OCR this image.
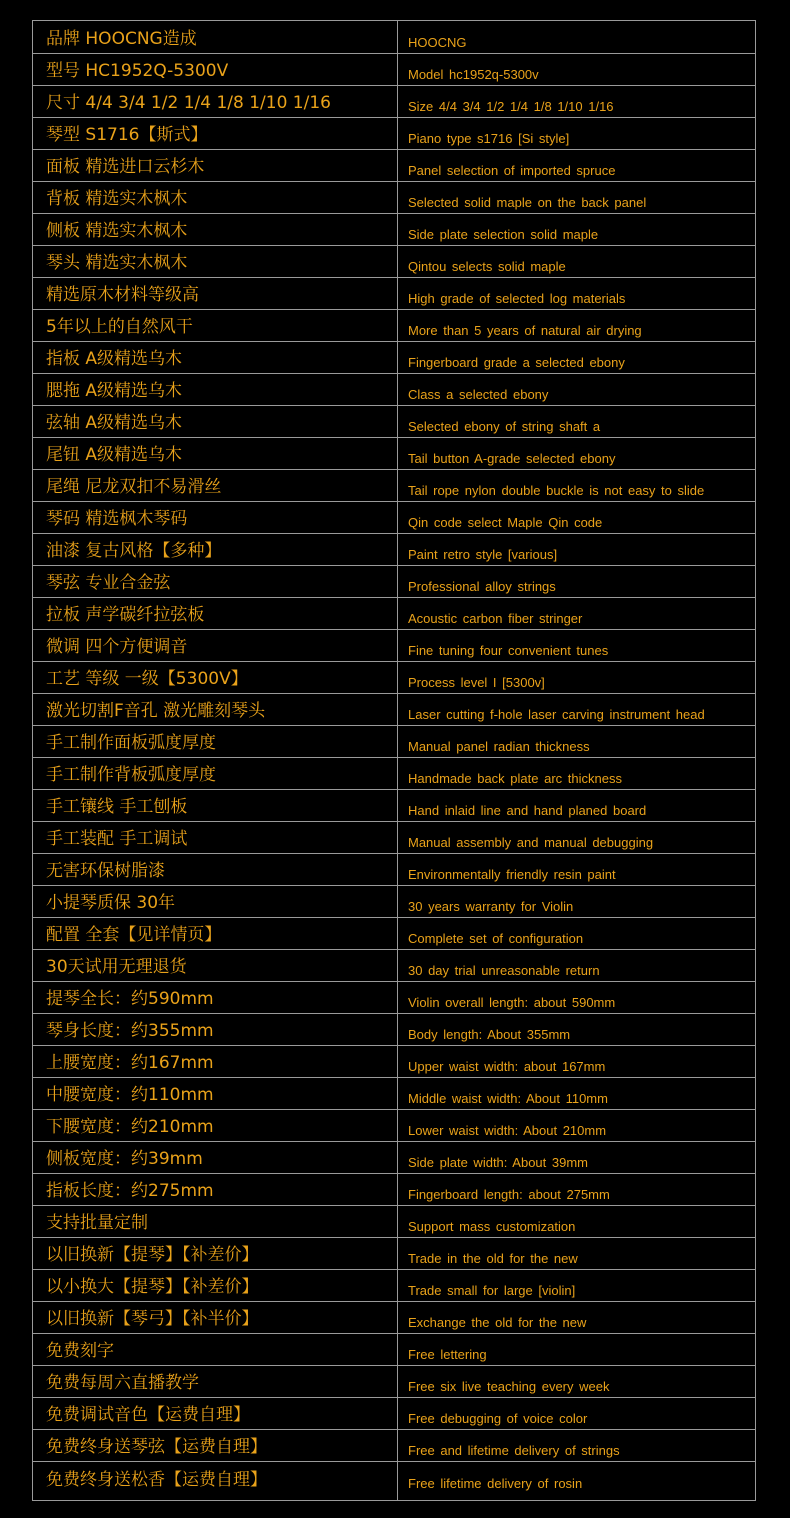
品牌 HOOCNG造成	HOOCNG
型号 HC1952Q-5300V	Model hc1952q-5300v
尺寸 4/4 3/4 1/2 1/4 1/8 1/10 1/16	Size 4/4 3/4 1/2 1/4 1/8 1/10 1/16
琴型 S1716【斯式】	Piano type s1716 [Si style]
面板 精选进口云杉木	Panel selection of imported spruce
背板 精选实木枫木	Selected solid maple on the back panel
侧板 精选实木枫木	Side plate selection solid maple
琴头 精选实木枫木	Qintou selects solid maple
精选原木材料等级高	High grade of selected log materials
5年以上的自然风干	More than 5 years of natural air drying
指板 A级精选乌木	Fingerboard grade a selected ebony
腮拖 A级精选乌木	Class a selected ebony
弦轴 A级精选乌木	Selected ebony of string shaft a
尾钮 A级精选乌木	Tail button A-grade selected ebony
尾绳 尼龙双扣不易滑丝	Tail rope nylon double buckle is not easy to slide
琴码 精选枫木琴码	Qin code select Maple Qin code
油漆 复古风格【多种】	Paint retro style [various]
琴弦 专业合金弦	Professional alloy strings
拉板 声学碳纤拉弦板	Acoustic carbon fiber stringer
微调 四个方便调音	Fine tuning four convenient tunes
工艺 等级 一级【5300V】	Process level I [5300v]
激光切割F音孔 激光雕刻琴头	Laser cutting f-hole laser carving instrument head
手工制作面板弧度厚度	Manual panel radian thickness
手工制作背板弧度厚度	Handmade back plate arc thickness
手工镶线 手工刨板	Hand inlaid line and hand planed board
手工装配 手工调试	Manual assembly and manual debugging
无害环保树脂漆	Environmentally friendly resin paint
小提琴质保 30年	30 years warranty for Violin
配置 全套【见详情页】	Complete set of configuration
30天试用无理退货	30 day trial unreasonable return
提琴全长：约590mm	Violin overall length: about 590mm
琴身长度：约355mm	Body length: About 355mm
上腰宽度：约167mm	Upper waist width: about 167mm
中腰宽度：约110mm	Middle waist width: About 110mm
下腰宽度：约210mm	Lower waist width: About 210mm
侧板宽度：约39mm	Side plate width: About 39mm
指板长度：约275mm	Fingerboard length: about 275mm
支持批量定制	Support mass customization
以旧换新【提琴】【补差价】	Trade in the old for the new
以小换大【提琴】【补差价】	Trade small for large [violin]
以旧换新【琴弓】【补半价】	Exchange the old for the new
免费刻字	Free lettering
免费每周六直播教学	Free six live teaching every week
免费调试音色【运费自理】	Free debugging of voice color
免费终身送琴弦【运费自理】	Free and lifetime delivery of strings
免费终身送松香【运费自理】	Free lifetime delivery of rosin
